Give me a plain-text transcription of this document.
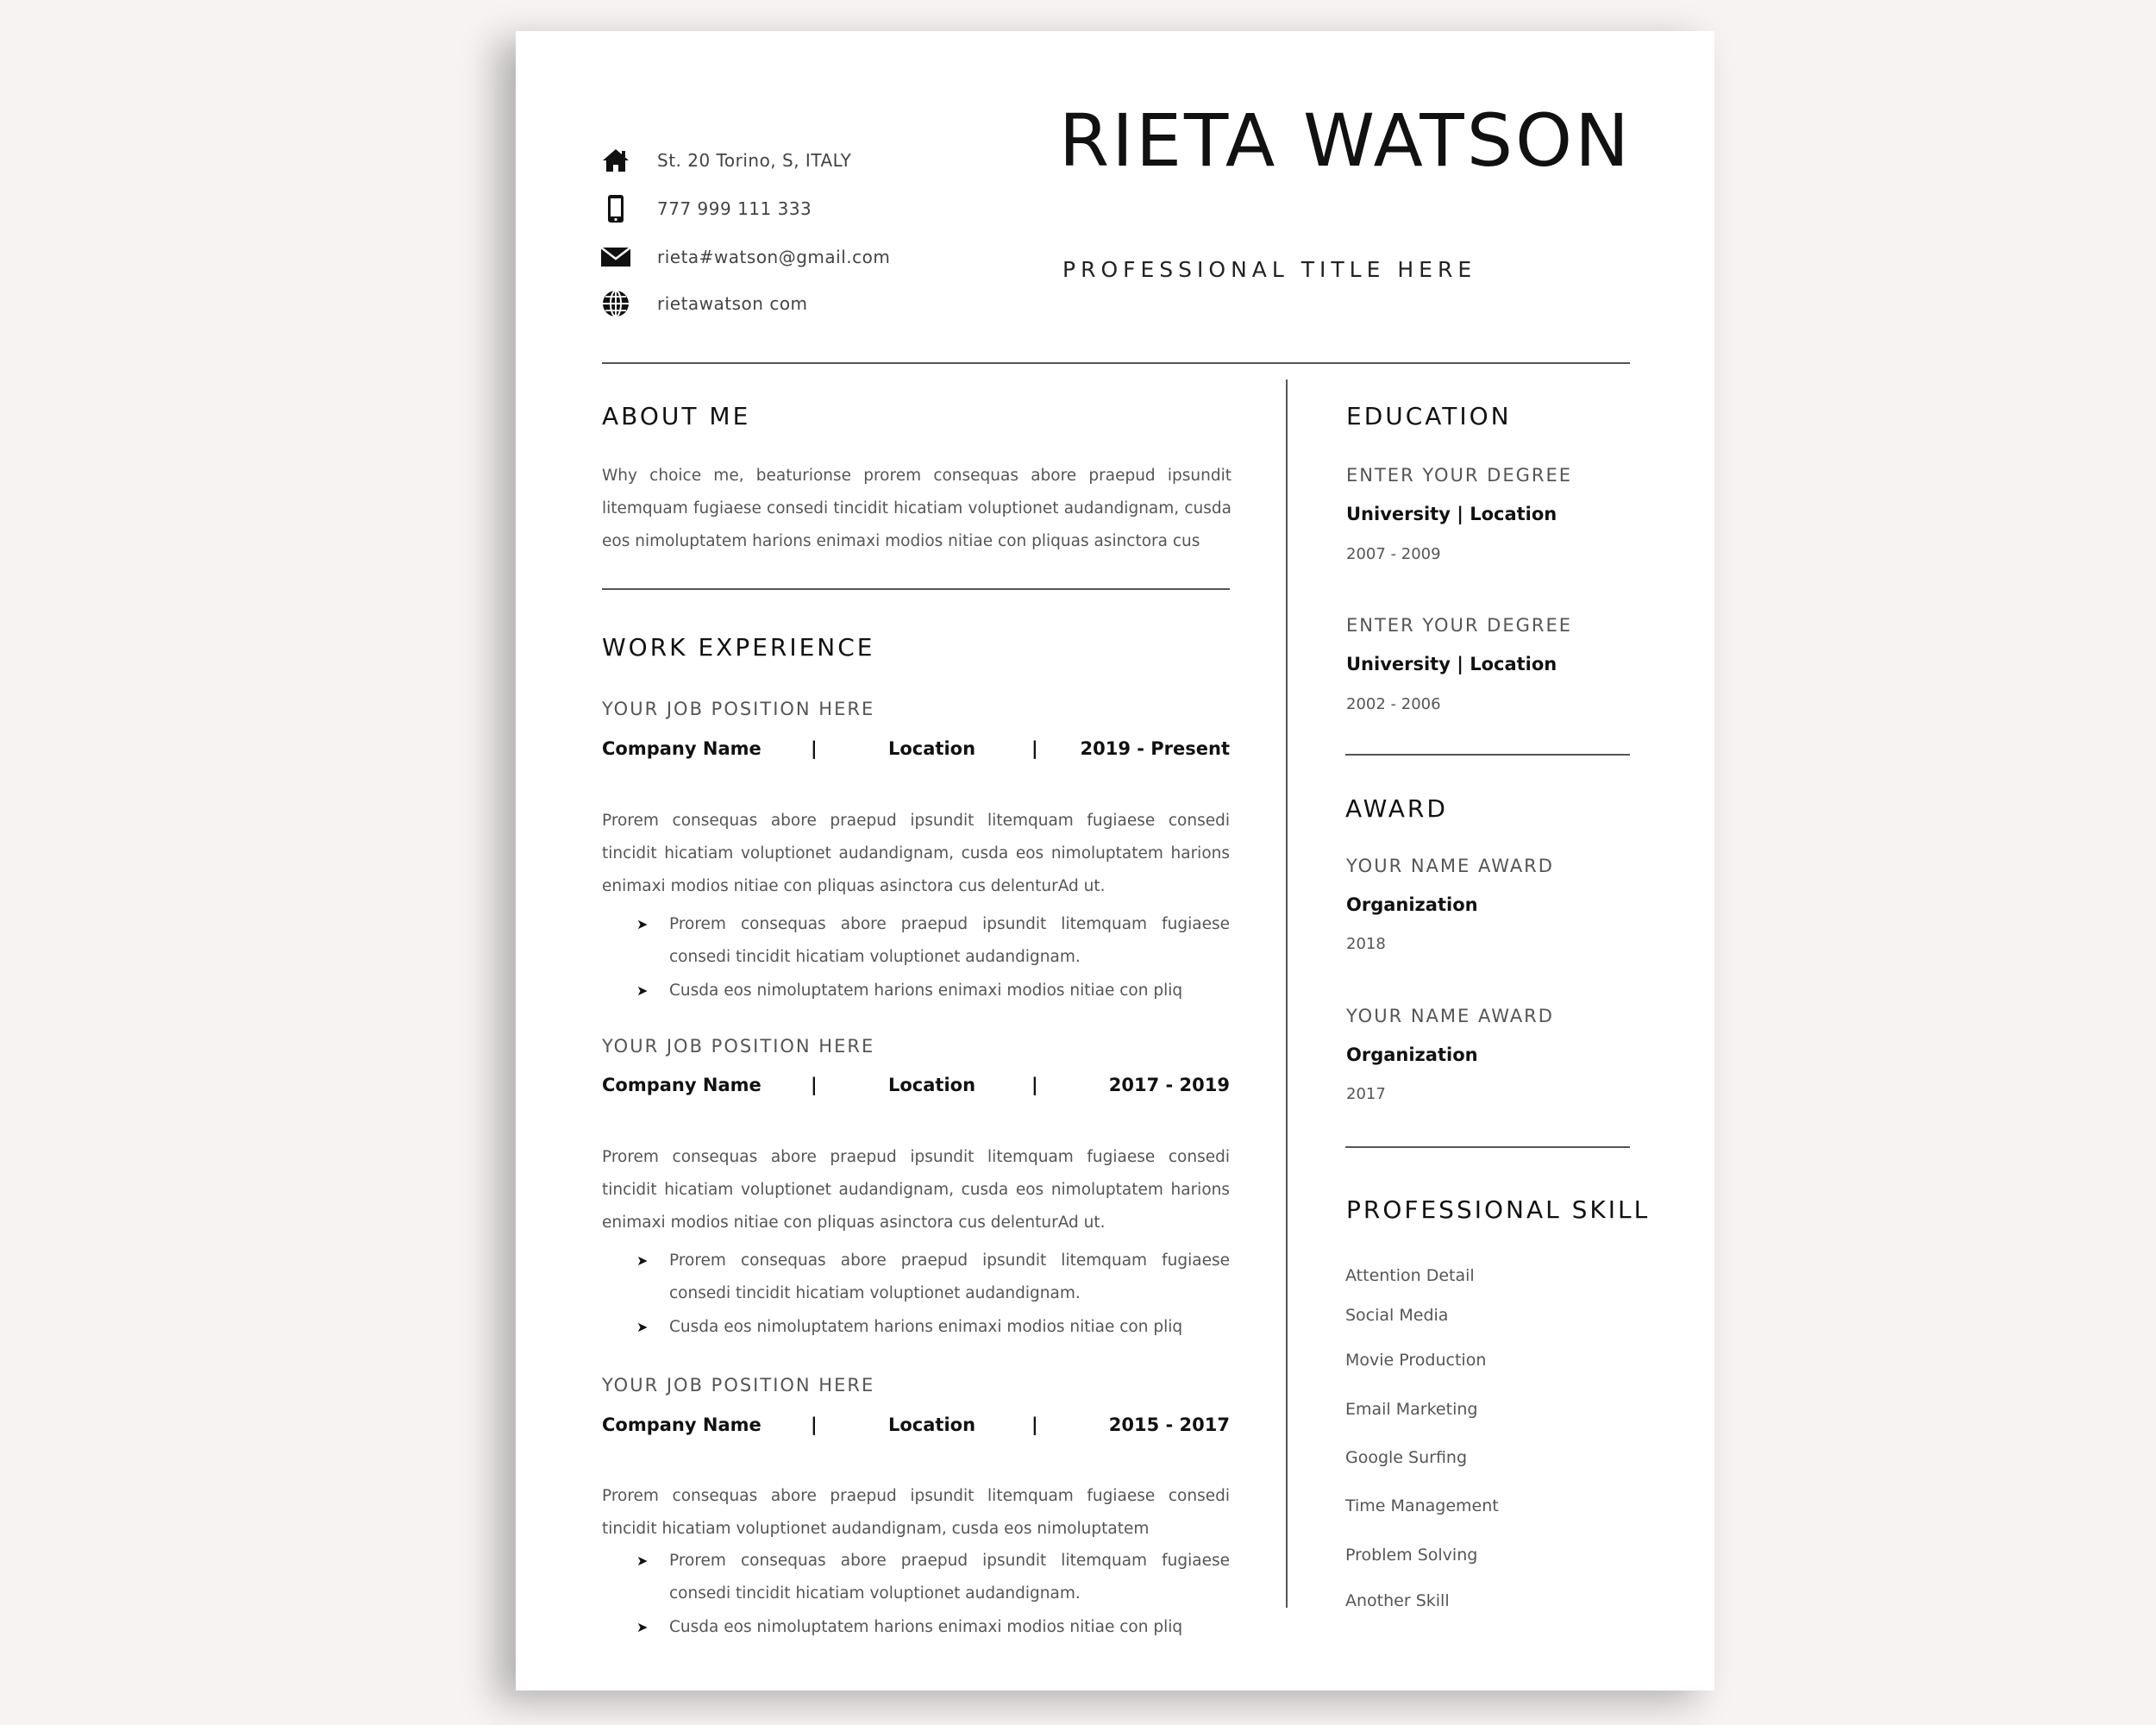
St. 20 Torino, S, ITALY
777 999 111 333
rieta#watson@gmail.com
rietawatson com
RIETA WATSON
PROFESSIONAL TITLE HERE
ABOUT ME
Why choice me, beaturionse prorem consequas abore praepud ipsundit litemquam fugiaese consedi tincidit hicatiam voluptionet audandignam, cusda eos nimoluptatem harions enimaxi modios nitiae con pliquas asinctora cus
WORK EXPERIENCE
YOUR JOB POSITION HERE
Company Name	|	Location	| 2019 - Present
Prorem consequas abore praepud ipsundit litemquam fugiaese consedi tincidit hicatiam voluptionet audandignam, cusda eos nimoluptatem harions enimaxi modios nitiae con pliquas asinctora cus delenturAd ut.
➤ Prorem consequas abore praepud ipsundit litemquam fugiaese consedi tincidit hicatiam voluptionet audandignam.
➤ Cusda eos nimoluptatem harions enimaxi modios nitiae con pliq
YOUR JOB POSITION HERE
Company Name	|	Location	|	2017 - 2019
Prorem consequas abore praepud ipsundit litemquam fugiaese consedi tincidit hicatiam voluptionet audandignam, cusda eos nimoluptatem harions enimaxi modios nitiae con pliquas asinctora cus delenturAd ut.
➤ Prorem consequas abore praepud ipsundit litemquam fugiaese consedi tincidit hicatiam voluptionet audandignam.
➤ Cusda eos nimoluptatem harions enimaxi modios nitiae con pliq
YOUR JOB POSITION HERE
Company Name	|	Location	|	2015 - 2017
Prorem consequas abore praepud ipsundit litemquam fugiaese consedi tincidit hicatiam voluptionet audandignam, cusda eos nimoluptatem
➤ Prorem consequas abore praepud ipsundit litemquam fugiaese consedi tincidit hicatiam voluptionet audandignam.
➤ Cusda eos nimoluptatem harions enimaxi modios nitiae con pliq
EDUCATION
ENTER YOUR DEGREE
University | Location
2007 - 2009
ENTER YOUR DEGREE
University | Location
2002 - 2006
AWARD
YOUR NAME AWARD
Organization
2018
YOUR NAME AWARD
Organization
2017
PROFESSIONAL SKILL
Attention Detail
Social Media
Movie Production
Email Marketing
Google Surfing
Time Management
Problem Solving
Another Skill
